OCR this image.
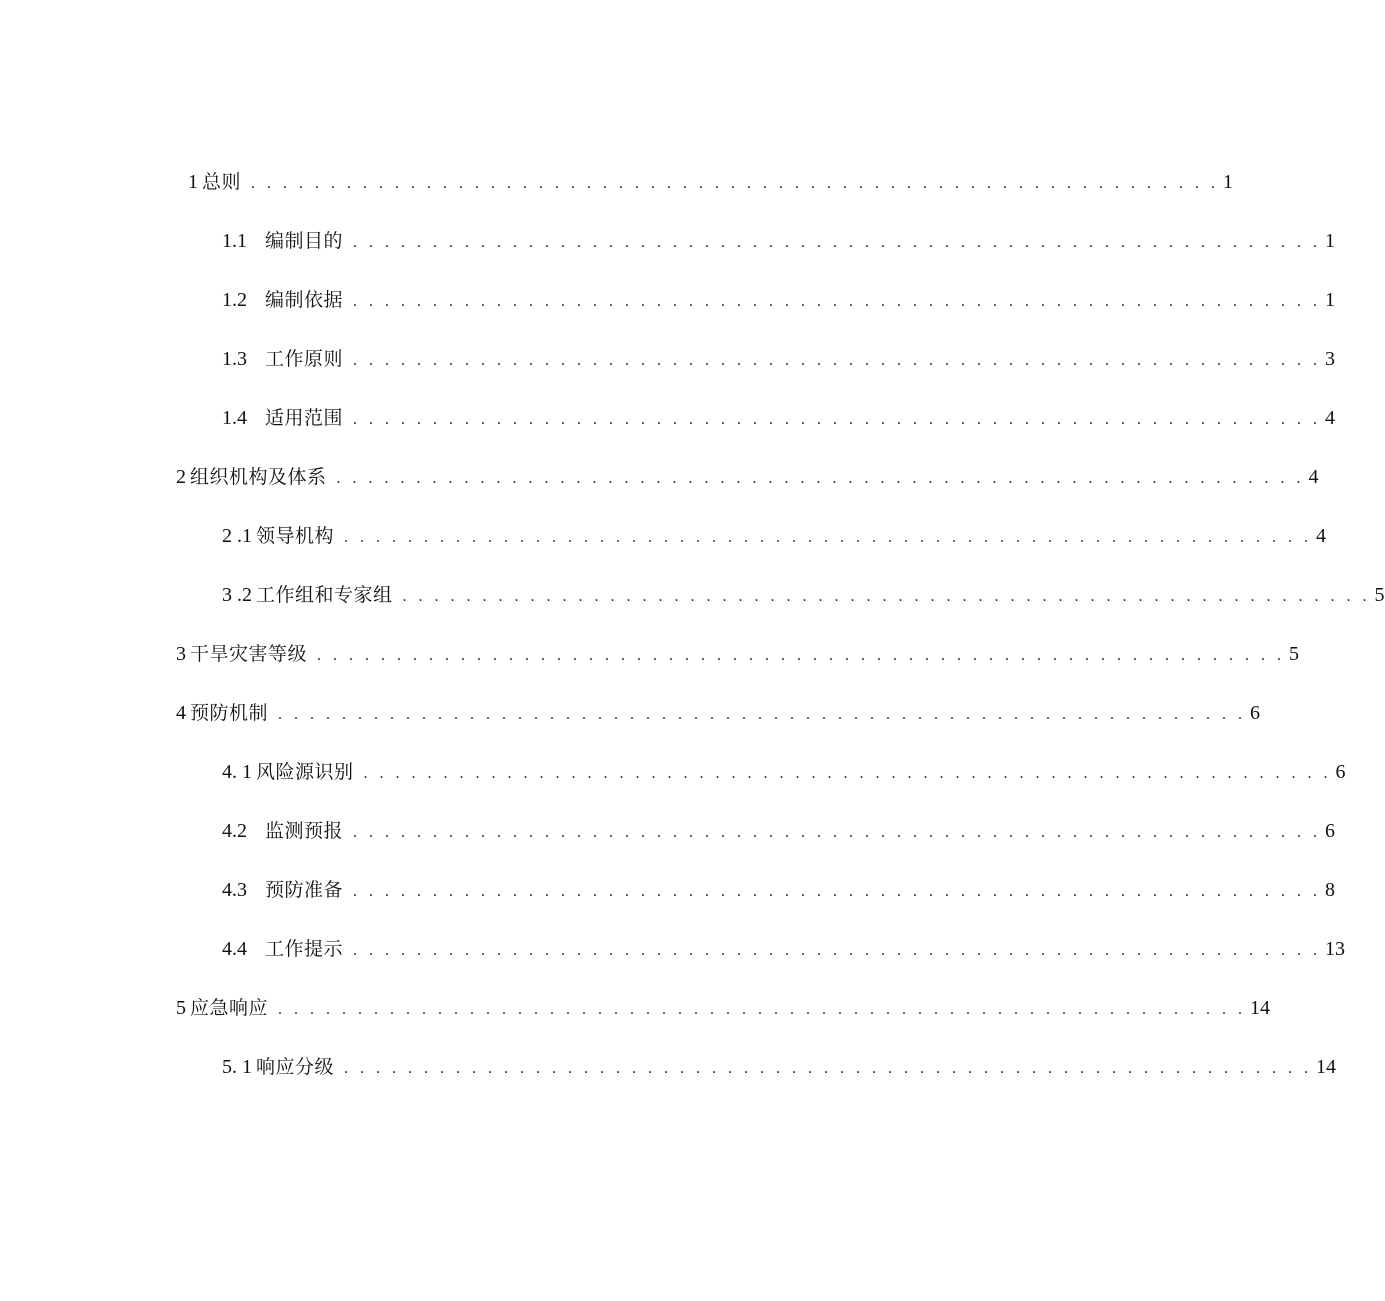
1 总则 . . . . . . . . . . . . . . . . . . . . . . . . . . . . . . . . . . . . . . . . . . . . . . . . . . . . . . . . . . . . . 1
1.1 编制目的 . . . . . . . . . . . . . . . . . . . . . . . . . . . . . . . . . . . . . . . . . . . . . . . . . . . . . . . . . . . . . 1
1.2 编制依据 . . . . . . . . . . . . . . . . . . . . . . . . . . . . . . . . . . . . . . . . . . . . . . . . . . . . . . . . . . . . . 1
1.3 工作原则 . . . . . . . . . . . . . . . . . . . . . . . . . . . . . . . . . . . . . . . . . . . . . . . . . . . . . . . . . . . . . 3
1.4 适用范围 . . . . . . . . . . . . . . . . . . . . . . . . . . . . . . . . . . . . . . . . . . . . . . . . . . . . . . . . . . . . . 4
2 组织机构及体系 . . . . . . . . . . . . . . . . . . . . . . . . . . . . . . . . . . . . . . . . . . . . . . . . . . . . . . . . . . . . . 4
2 .1 领导机构 . . . . . . . . . . . . . . . . . . . . . . . . . . . . . . . . . . . . . . . . . . . . . . . . . . . . . . . . . . . . . 4
3 .2 工作组和专家组 . . . . . . . . . . . . . . . . . . . . . . . . . . . . . . . . . . . . . . . . . . . . . . . . . . . . . . . . . . . . . 5
3 干旱灾害等级 . . . . . . . . . . . . . . . . . . . . . . . . . . . . . . . . . . . . . . . . . . . . . . . . . . . . . . . . . . . . . 5
4 预防机制 . . . . . . . . . . . . . . . . . . . . . . . . . . . . . . . . . . . . . . . . . . . . . . . . . . . . . . . . . . . . . 6
4. 1 风险源识别 . . . . . . . . . . . . . . . . . . . . . . . . . . . . . . . . . . . . . . . . . . . . . . . . . . . . . . . . . . . . . 6
4.2 监测预报 . . . . . . . . . . . . . . . . . . . . . . . . . . . . . . . . . . . . . . . . . . . . . . . . . . . . . . . . . . . . . 6
4.3 预防准备 . . . . . . . . . . . . . . . . . . . . . . . . . . . . . . . . . . . . . . . . . . . . . . . . . . . . . . . . . . . . . 8
4.4 工作提示 . . . . . . . . . . . . . . . . . . . . . . . . . . . . . . . . . . . . . . . . . . . . . . . . . . . . . . . . . . . . . 13
5 应急响应 . . . . . . . . . . . . . . . . . . . . . . . . . . . . . . . . . . . . . . . . . . . . . . . . . . . . . . . . . . . . . 14
5. 1 响应分级 . . . . . . . . . . . . . . . . . . . . . . . . . . . . . . . . . . . . . . . . . . . . . . . . . . . . . . . . . . . . . 14
